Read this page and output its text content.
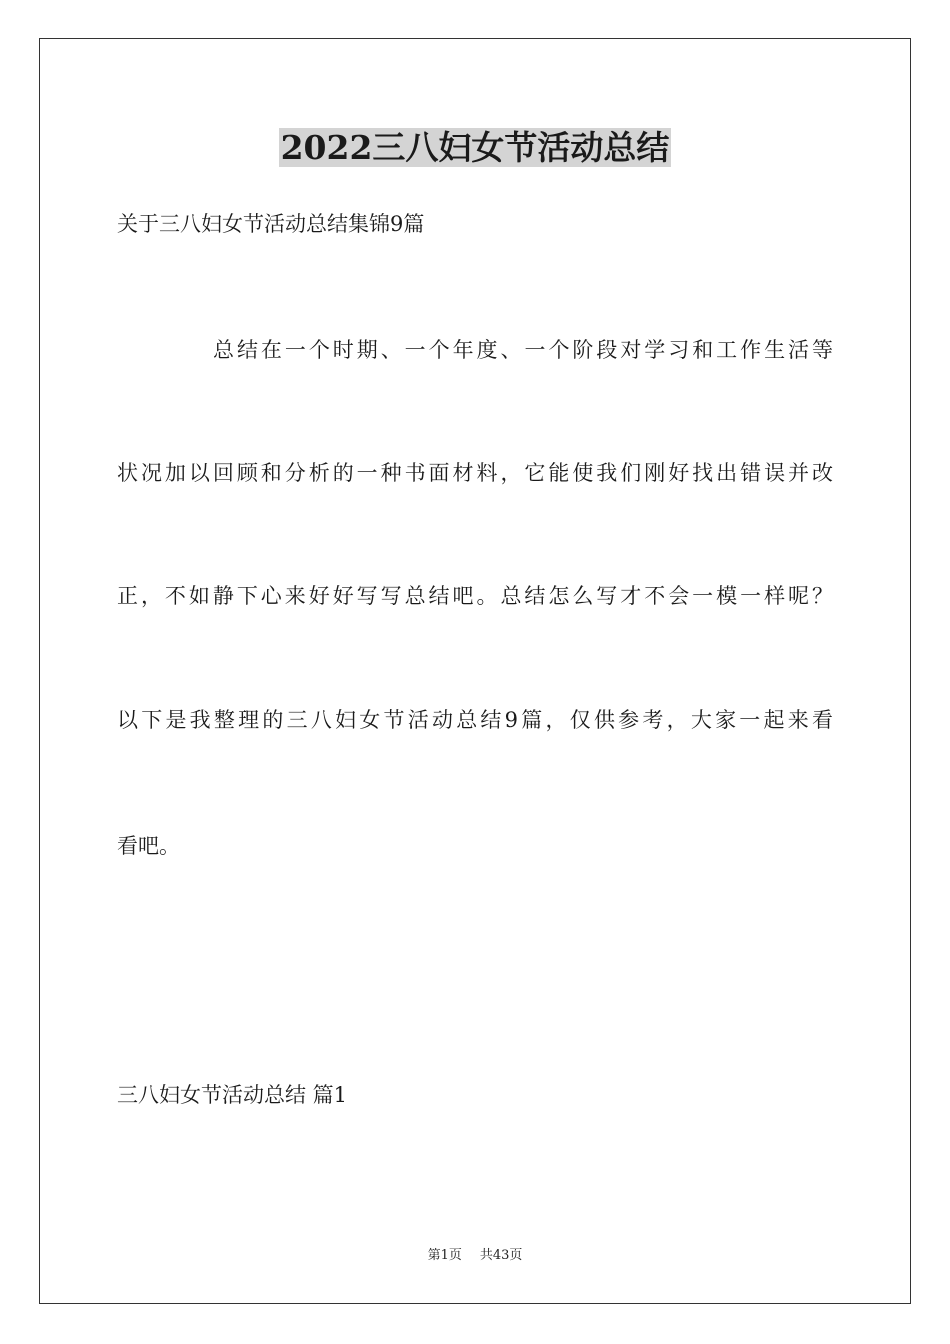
2022三八妇女节活动总结
关于三八妇女节活动总结集锦9篇
总结在一个时期、一个年度、一个阶段对学习和工作生活等
状况加以回顾和分析的一种书面材料，它能使我们刚好找出错误并改
正，不如静下心来好好写写总结吧。总结怎么写才不会一模一样呢？
以下是我整理的三八妇女节活动总结9篇，仅供参考，大家一起来看
看吧。
三八妇女节活动总结 篇1
第1页 共43页
